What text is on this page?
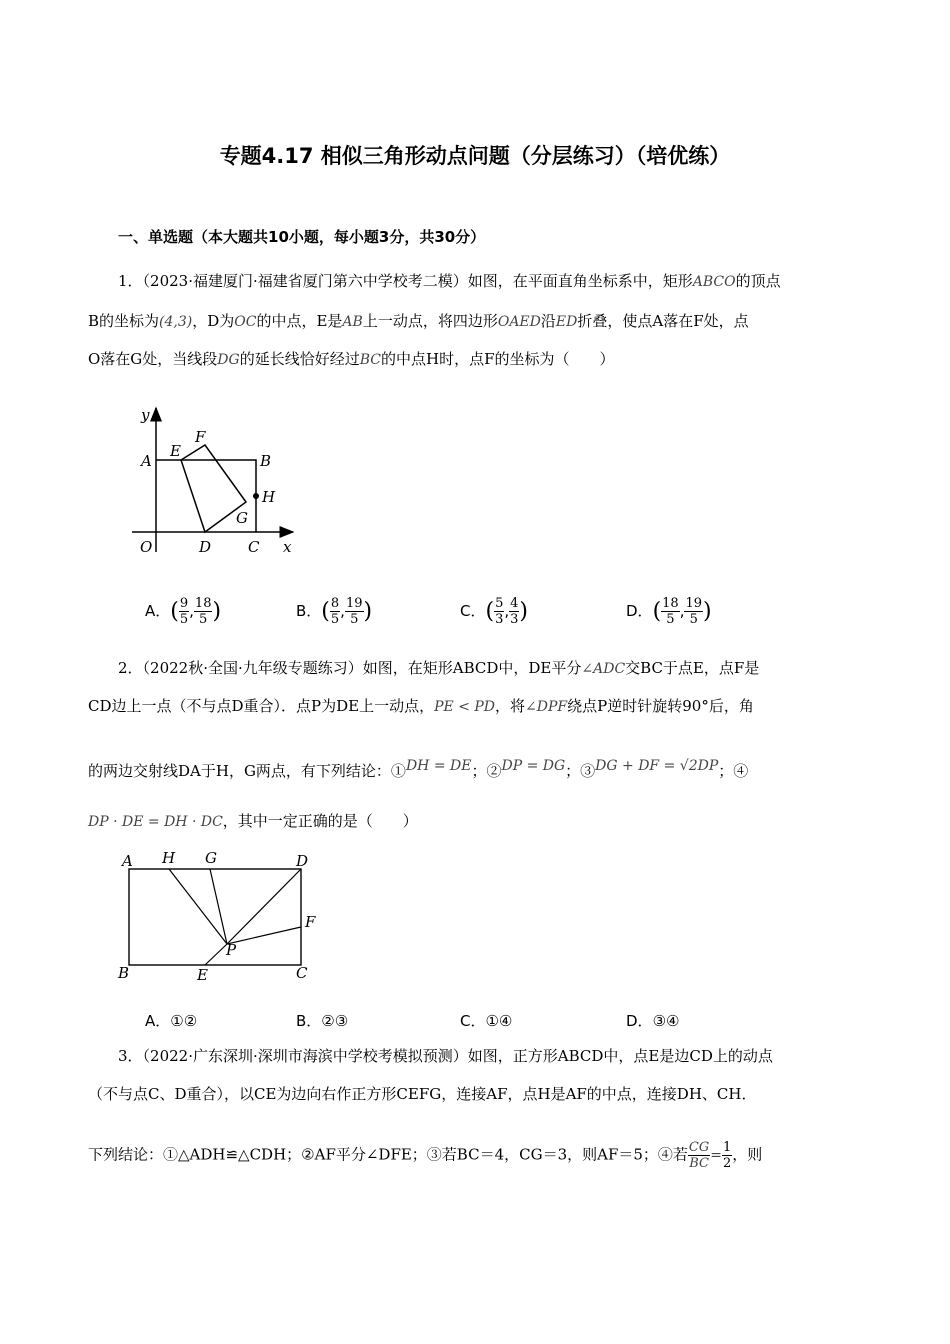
专题4.17 相似三角形动点问题（分层练习）（培优练）
一、单选题（本大题共10小题，每小题3分，共30分）
1．（2023·福建厦门·福建省厦门第六中学校考二模）如图，在平面直角坐标系中，矩形ABCO的顶点
B的坐标为(4,3)，D为OC的中点，E是AB上一动点，将四边形OAED沿ED折叠，使点A落在F处，点
O落在G处，当线段DG的延长线恰好经过BC的中点H时，点F的坐标为（　　）
y
x
O
A	B
C
D
E
F
G
H
A．( $\frac{9}{5}$ , $\frac{18}{5}$ )	B．( $\frac{8}{5}$ , $\frac{19}{5}$ )	C．( $\frac{5}{3}$ , $\frac{4}{3}$ )	D．( $\frac{18}{5}$ , $\frac{19}{5}$ )
2．（2022秋·全国·九年级专题练习）如图，在矩形ABCD中，DE平分∠ADC交BC于点E，点F是
CD边上一点（不与点D重合）．点P为DE上一动点，PE < PD，将∠DPF绕点P逆时针旋转90°后，角
的两边交射线DA于H，G两点，有下列结论：①DH = DE；②DP = DG；③DG + DF = √2DP；④
DP · DE = DH · DC，其中一定正确的是（　　）
A H G	D
F
P
B	E	C
A．①②	B．②③	C．①④	D．③④
3．（2022·广东深圳·深圳市海滨中学校考模拟预测）如图，正方形ABCD中，点E是边CD上的动点
（不与点C、D重合），以CE为边向右作正方形CEFG，连接AF，点H是AF的中点，连接DH、CH．
下列结论：①△ADH≌△CDH；②AF平分∠DFE；③若BC＝4，CG＝3，则AF＝5；④若 $\frac{CG}{BC} = \frac{1}{2}$ ，则
